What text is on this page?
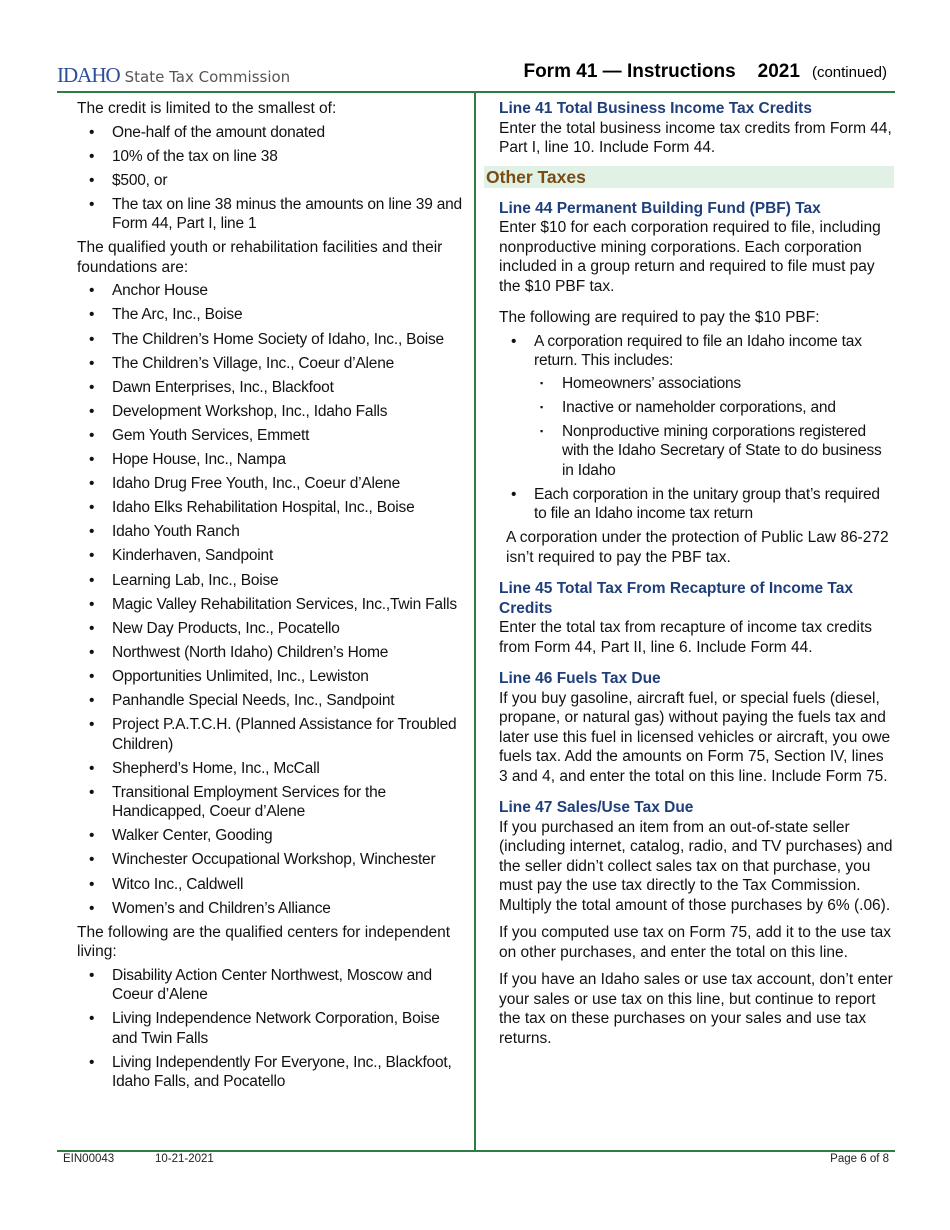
IDAHO State Tax Commission	Form 41 — Instructions 2021 (continued)

The credit is limited to the smallest of:

• One-half of the amount donated
• 10% of the tax on line 38
• $500, or
• The tax on line 38 minus the amounts on line 39 and Form 44, Part I, line 1

The qualified youth or rehabilitation facilities and their foundations are:

• Anchor House
• The Arc, Inc., Boise
• The Children’s Home Society of Idaho, Inc., Boise
• The Children’s Village, Inc., Coeur d’Alene
• Dawn Enterprises, Inc., Blackfoot
• Development Workshop, Inc., Idaho Falls
• Gem Youth Services, Emmett
• Hope House, Inc., Nampa
• Idaho Drug Free Youth, Inc., Coeur d’Alene
• Idaho Elks Rehabilitation Hospital, Inc., Boise
• Idaho Youth Ranch
• Kinderhaven, Sandpoint
• Learning Lab, Inc., Boise
• Magic Valley Rehabilitation Services, Inc.,Twin Falls
• New Day Products, Inc., Pocatello
• Northwest (North Idaho) Children’s Home
• Opportunities Unlimited, Inc., Lewiston
• Panhandle Special Needs, Inc., Sandpoint
• Project P.A.T.C.H. (Planned Assistance for Troubled Children)
• Shepherd’s Home, Inc., McCall
• Transitional Employment Services for the Handicapped, Coeur d’Alene
• Walker Center, Gooding
• Winchester Occupational Workshop, Winchester
• Witco Inc., Caldwell
• Women’s and Children’s Alliance

The following are the qualified centers for independent living:

• Disability Action Center Northwest, Moscow and Coeur d’Alene
• Living Independence Network Corporation, Boise and Twin Falls
• Living Independently For Everyone, Inc., Blackfoot, Idaho Falls, and Pocatello
Line 41 Total Business Income Tax Credits

Enter the total business income tax credits from Form 44, Part I, line 10. Include Form 44.

Other Taxes
Line 44 Permanent Building Fund (PBF) Tax

Enter $10 for each corporation required to file, including nonproductive mining corporations. Each corporation included in a group return and required to file must pay the $10 PBF tax.

The following are required to pay the $10 PBF:

• A corporation required to file an Idaho income tax return. This includes:
▪ Homeowners’ associations
▪ Inactive or nameholder corporations, and
▪ Nonproductive mining corporations registered with the Idaho Secretary of State to do business in Idaho
• Each corporation in the unitary group that’s required to file an Idaho income tax return

A corporation under the protection of Public Law 86-272 isn’t required to pay the PBF tax.

Line 45 Total Tax From Recapture of Income Tax Credits

Enter the total tax from recapture of income tax credits from Form 44, Part II, line 6. Include Form 44.

Line 46 Fuels Tax Due

If you buy gasoline, aircraft fuel, or special fuels (diesel, propane, or natural gas) without paying the fuels tax and later use this fuel in licensed vehicles or aircraft, you owe fuels tax. Add the amounts on Form 75, Section IV, lines 3 and 4, and enter the total on this line. Include Form 75.

Line 47 Sales/Use Tax Due

If you purchased an item from an out-of-state seller (including internet, catalog, radio, and TV purchases) and the seller didn’t collect sales tax on that purchase, you must pay the use tax directly to the Tax Commission. Multiply the total amount of those purchases by 6% (.06).

If you computed use tax on Form 75, add it to the use tax on other purchases, and enter the total on this line.

If you have an Idaho sales or use tax account, don’t enter your sales or use tax on this line, but continue to report the tax on these purchases on your sales and use tax returns.

EIN00043	10-21-2021	Page 6 of 8
